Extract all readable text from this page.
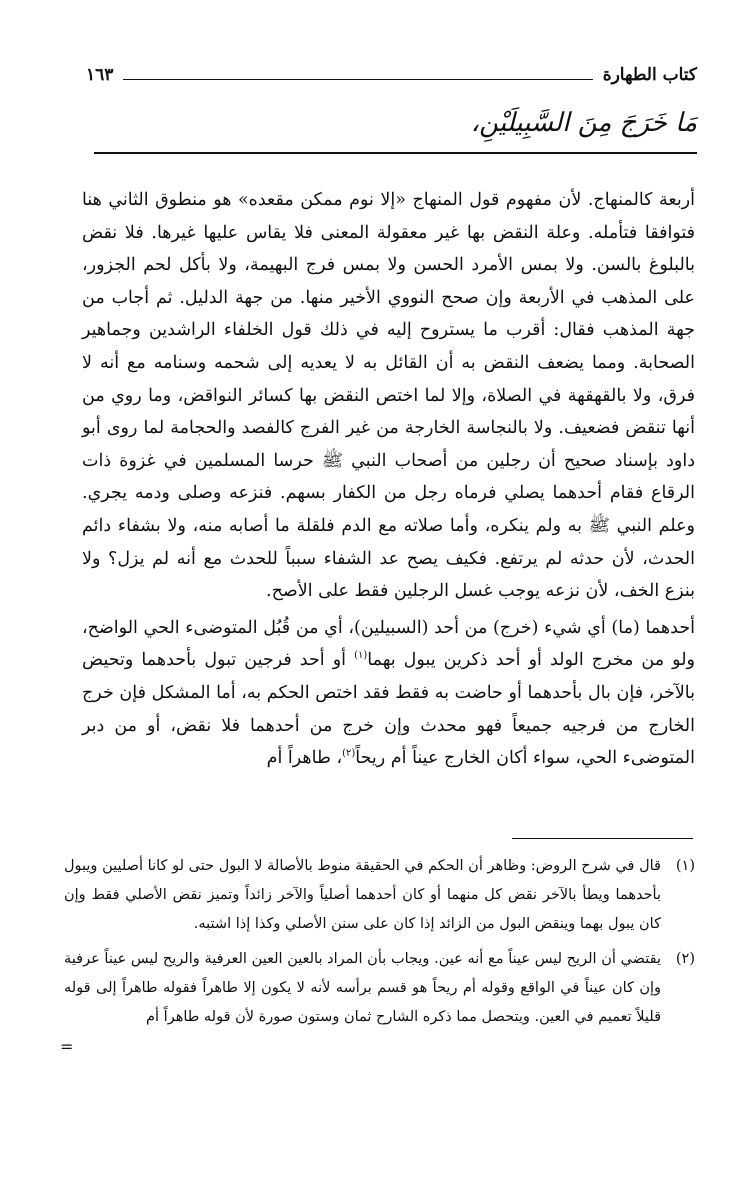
كتاب الطهارة
١٦٣
مَا خَرَجَ مِنَ السَّبِيلَيْنِ،

أربعة كالمنهاج. لأن مفهوم قول المنهاج «إلا نوم ممكن مقعده» هو منطوق الثاني هنا فتوافقا فتأمله. وعلة النقض بها غير معقولة المعنى فلا يقاس عليها غيرها. فلا نقض بالبلوغ بالسن. ولا بمس الأمرد الحسن ولا بمس فرج البهيمة، ولا بأكل لحم الجزور، على المذهب في الأربعة وإن صحح النووي الأخير منها. من جهة الدليل. ثم أجاب من جهة المذهب فقال: أقرب ما يستروح إليه في ذلك قول الخلفاء الراشدين وجماهير الصحابة. ومما يضعف النقض به أن القائل به لا يعديه إلى شحمه وسنامه مع أنه لا فرق، ولا بالقهقهة في الصلاة، وإلا لما اختص النقض بها كسائر النواقض، وما روي من أنها تنقض فضعيف. ولا بالنجاسة الخارجة من غير الفرج كالفصد والحجامة لما روى أبو داود بإسناد صحيح أن رجلين من أصحاب النبي ﷺ حرسا المسلمين في غزوة ذات الرقاع فقام أحدهما يصلي فرماه رجل من الكفار بسهم. فنزعه وصلى ودمه يجري. وعلم النبي ﷺ به ولم ينكره، وأما صلاته مع الدم فلقلة ما أصابه منه، ولا بشفاء دائم الحدث، لأن حدثه لم يرتفع. فكيف يصح عد الشفاء سبباً للحدث مع أنه لم يزل؟ ولا بنزع الخف، لأن نزعه يوجب غسل الرجلين فقط على الأصح.

أحدهما (ما) أي شيء (خرج) من أحد (السبيلين)، أي من قُبُل المتوضىء الحي الواضح، ولو من مخرج الولد أو أحد ذكرين يبول بهما$^{(١)}$ أو أحد فرجين تبول بأحدهما وتحيض بالآخر، فإن بال بأحدهما أو حاضت به فقط فقد اختص الحكم به، أما المشكل فإن خرج الخارج من فرجيه جميعاً فهو محدث وإن خرج من أحدهما فلا نقض، أو من دبر المتوضىء الحي، سواء أكان الخارج عيناً أم ريحاً$^{(٢)}$، طاهراً أم

(١)
قال في شرح الروض: وظاهر أن الحكم في الحقيقة منوط بالأصالة لا البول حتى لو كانا أصليين ويبول بأحدهما ويطأ بالآخر نقض كل منهما أو كان أحدهما أصلياً والآخر زائداً وتميز نقض الأصلي فقط وإن كان يبول بهما وينقض البول من الزائد إذا كان على سنن الأصلي وكذا إذا اشتبه.
(٢)
يقتضي أن الريح ليس عيناً مع أنه عين. ويجاب بأن المراد بالعين العين العرفية والريح ليس عيناً عرفية وإن كان عيناً في الواقع وقوله أم ريحاً هو قسم برأسه لأنه لا يكون إلا طاهراً فقوله طاهراً إلى قوله قليلاً تعميم في العين. ويتحصل مما ذكره الشارح ثمان وستون صورة لأن قوله طاهراً أم
=
